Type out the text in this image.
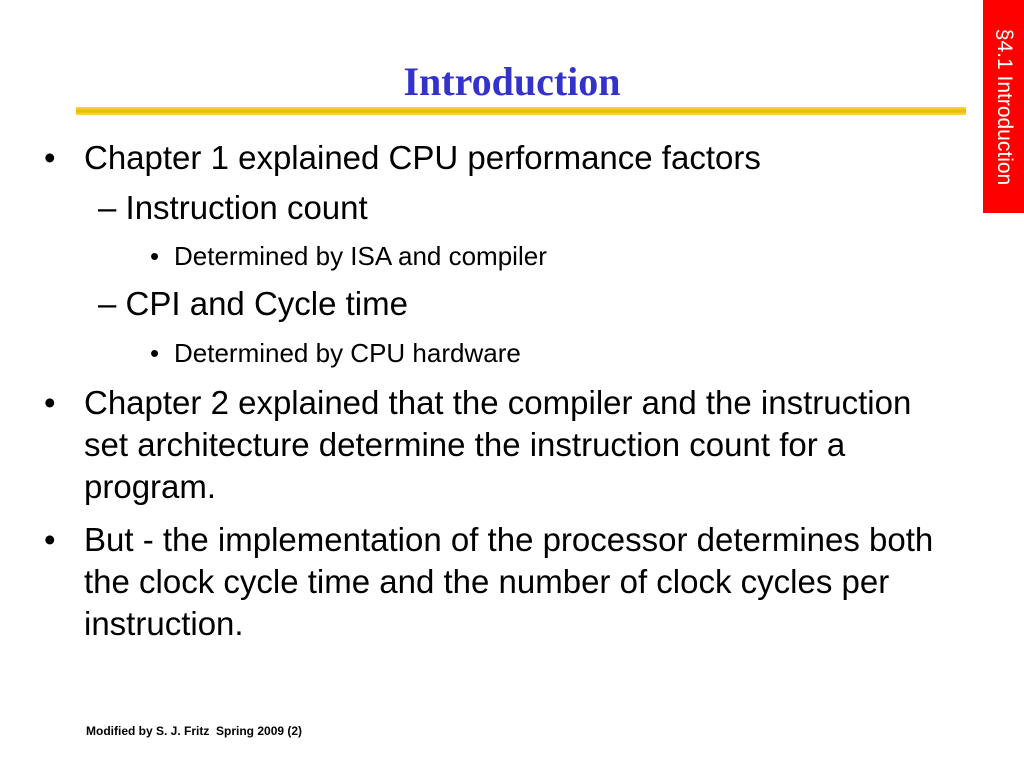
§4.1 Introduction
Introduction
• Chapter 1 explained CPU performance factors
– Instruction count
• Determined by ISA and compiler
– CPI and Cycle time
• Determined by CPU hardware
• Chapter 2 explained that the compiler and the instruction set architecture determine the instruction count for a program.
• But - the implementation of the processor determines both the clock cycle time and the number of clock cycles per instruction.
Modified by S. J. Fritz  Spring 2009 (2)
